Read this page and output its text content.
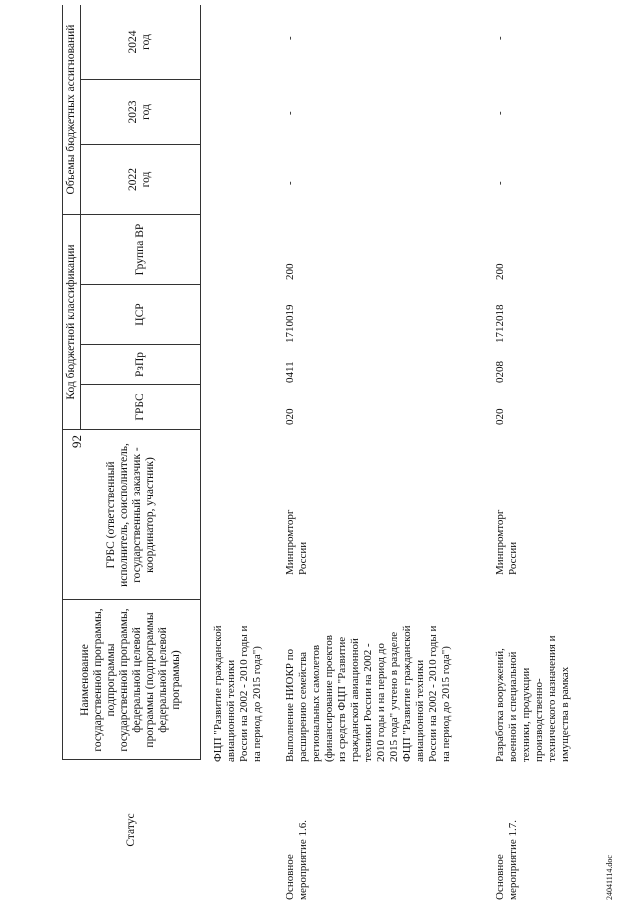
92
Статус
Наименование государственной программы, подпрограммы государственной программы, федеральной целевой программы (подпрограммы федеральной целевой программы)
ГРБС (ответственный исполнитель, соисполнитель, государственный заказчик - координатор, участник)
Код бюджетной классификации
Объемы бюджетных ассигнований
ГРБС
РзПр
ЦСР
Группа ВР
2022
год
2023
год
2024
год
ФЦП "Развитие гражданской
авиационной техники
России на 2002 - 2010 годы и
на период до 2015 года")
Основное
мероприятие 1.6.
Выполнение НИОКР по
расширению семейства
региональных самолетов
(финансирование проектов
из средств ФЦП "Развитие
гражданской авиационной
техники России на 2002 -
2010 годы и на период до
2015 года" учтено в разделе
ФЦП "Развитие гражданской
авиационной техники
России на 2002 - 2010 годы и
на период до 2015 года")
Минпромторг
России
020
0411
1710019
200
-
-
-
Основное
мероприятие 1.7.
Разработка вооружений,
военной и специальной
техники, продукции
производственно-
технического назначения и
имущества в рамках
Минпромторг
России
020
0208
1712018
200
-
-
-
24041114.doc
